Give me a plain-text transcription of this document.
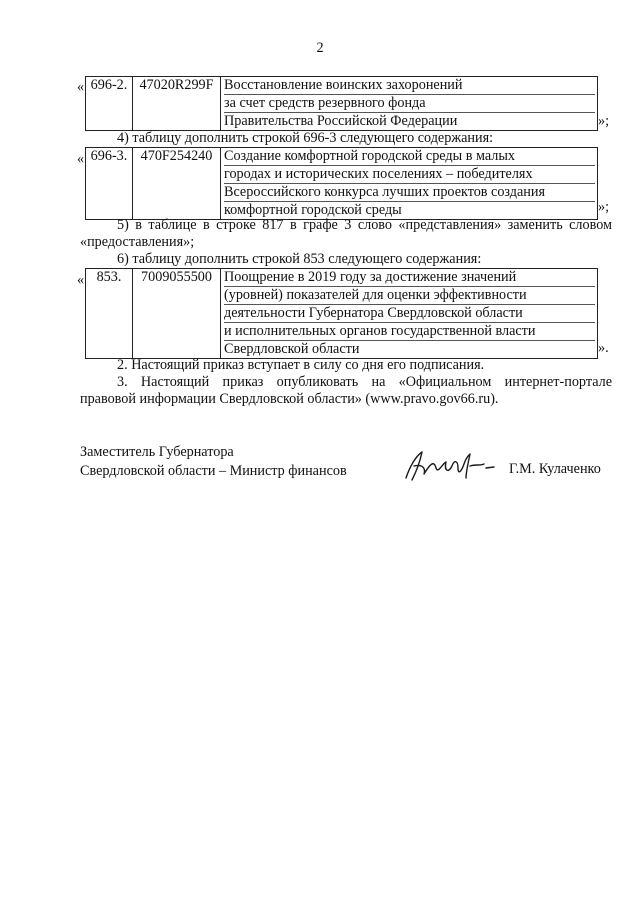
2
« 696-2.	47020R299F	Восстановление воинских захоронений
за счет средств резервного фонда
Правительства Российской Федерации	»;
4) таблицу дополнить строкой 696-3 следующего содержания:
« 696-3.	470F254240	Создание комфортной городской среды в малых
городах и исторических поселениях – победителях
Всероссийского конкурса лучших проектов создания
комфортной городской среды	»;
5) в таблице в строке 817 в графе 3 слово «представления» заменить словом «предоставления»;
6) таблицу дополнить строкой 853 следующего содержания:
« 853.	7009055500	Поощрение в 2019 году за достижение значений
(уровней) показателей для оценки эффективности
деятельности Губернатора Свердловской области
и исполнительных органов государственной власти
Свердловской области	».
2. Настоящий приказ вступает в силу со дня его подписания.
3. Настоящий приказ опубликовать на «Официальном интернет-портале правовой информации Свердловской области» (www.pravo.gov66.ru).
Заместитель Губернатора
Свердловской области – Министр финансов	Г.М. Кулаченко
